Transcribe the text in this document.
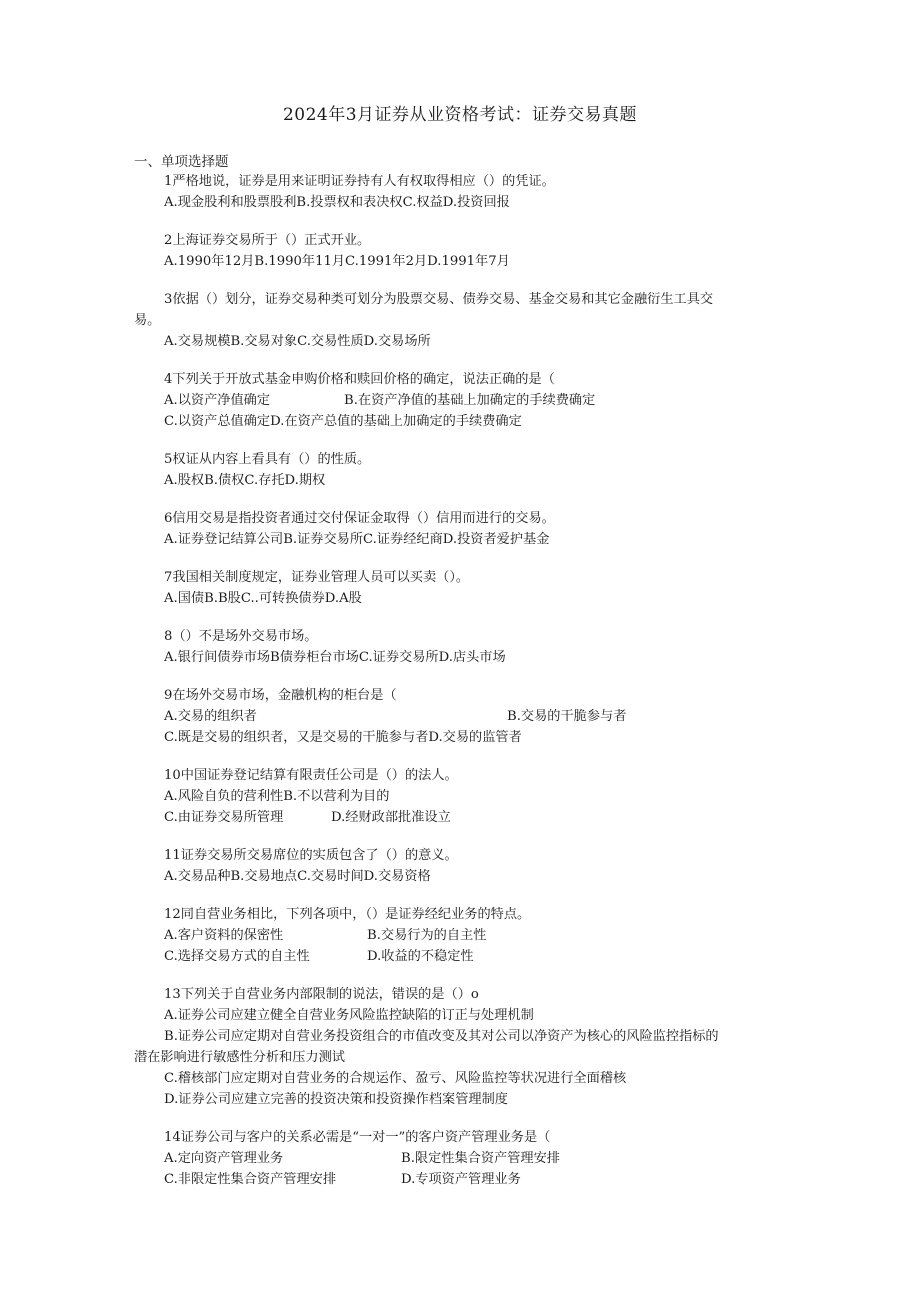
2024年3月证券从业资格考试：证券交易真题
一、单项选择题
1严格地说，证券是用来证明证券持有人有权取得相应（）的凭证。
A.现金股利和股票股利B.投票权和表决权C.权益D.投资回报
2上海证券交易所于（）正式开业。
A.1990年12月B.1990年11月C.1991年2月D.1991年7月
3依据（）划分，证券交易种类可划分为股票交易、债券交易、基金交易和其它金融衍生工具交易。
A.交易规模B.交易对象C.交易性质D.交易场所
4下列关于开放式基金申购价格和赎回价格的确定，说法正确的是（
A.以资产净值确定	B.在资产净值的基础上加确定的手续费确定
C.以资产总值确定D.在资产总值的基础上加确定的手续费确定
5权证从内容上看具有（）的性质。
A.股权B.债权C.存托D.期权
6信用交易是指投资者通过交付保证金取得（）信用而进行的交易。
A.证券登记结算公司B.证券交易所C.证券经纪商D.投资者爱护基金
7我国相关制度规定，证券业管理人员可以买卖（）。
A.国债B.B股C..可转换债券D.A股
8（）不是场外交易市场。
A.银行间债券市场B债券柜台市场C.证券交易所D.店头市场
9在场外交易市场，金融机构的柜台是（
A.交易的组织者	B.交易的干脆参与者
C.既是交易的组织者，又是交易的干脆参与者D.交易的监管者
10中国证券登记结算有限责任公司是（）的法人。
A.风险自负的营利性B.不以营利为目的
C.由证券交易所管理	D.经财政部批准设立
11证券交易所交易席位的实质包含了（）的意义。
A.交易品种B.交易地点C.交易时间D.交易资格
12同自营业务相比，下列各项中，（）是证券经纪业务的特点。
A.客户资料的保密性	B.交易行为的自主性
C.选择交易方式的自主性	D.收益的不稳定性
13下列关于自营业务内部限制的说法，错误的是（）o
A.证券公司应建立健全自营业务风险监控缺陷的订正与处理机制
B.证券公司应定期对自营业务投资组合的市值改变及其对公司以净资产为核心的风险监控指标的潜在影响进行敏感性分析和压力测试
C.稽核部门应定期对自营业务的合规运作、盈亏、风险监控等状况进行全面稽核
D.证券公司应建立完善的投资决策和投资操作档案管理制度
14证券公司与客户的关系必需是“一对一”的客户资产管理业务是（
A.定向资产管理业务	B.限定性集合资产管理安排
C.非限定性集合资产管理安排	D.专项资产管理业务
